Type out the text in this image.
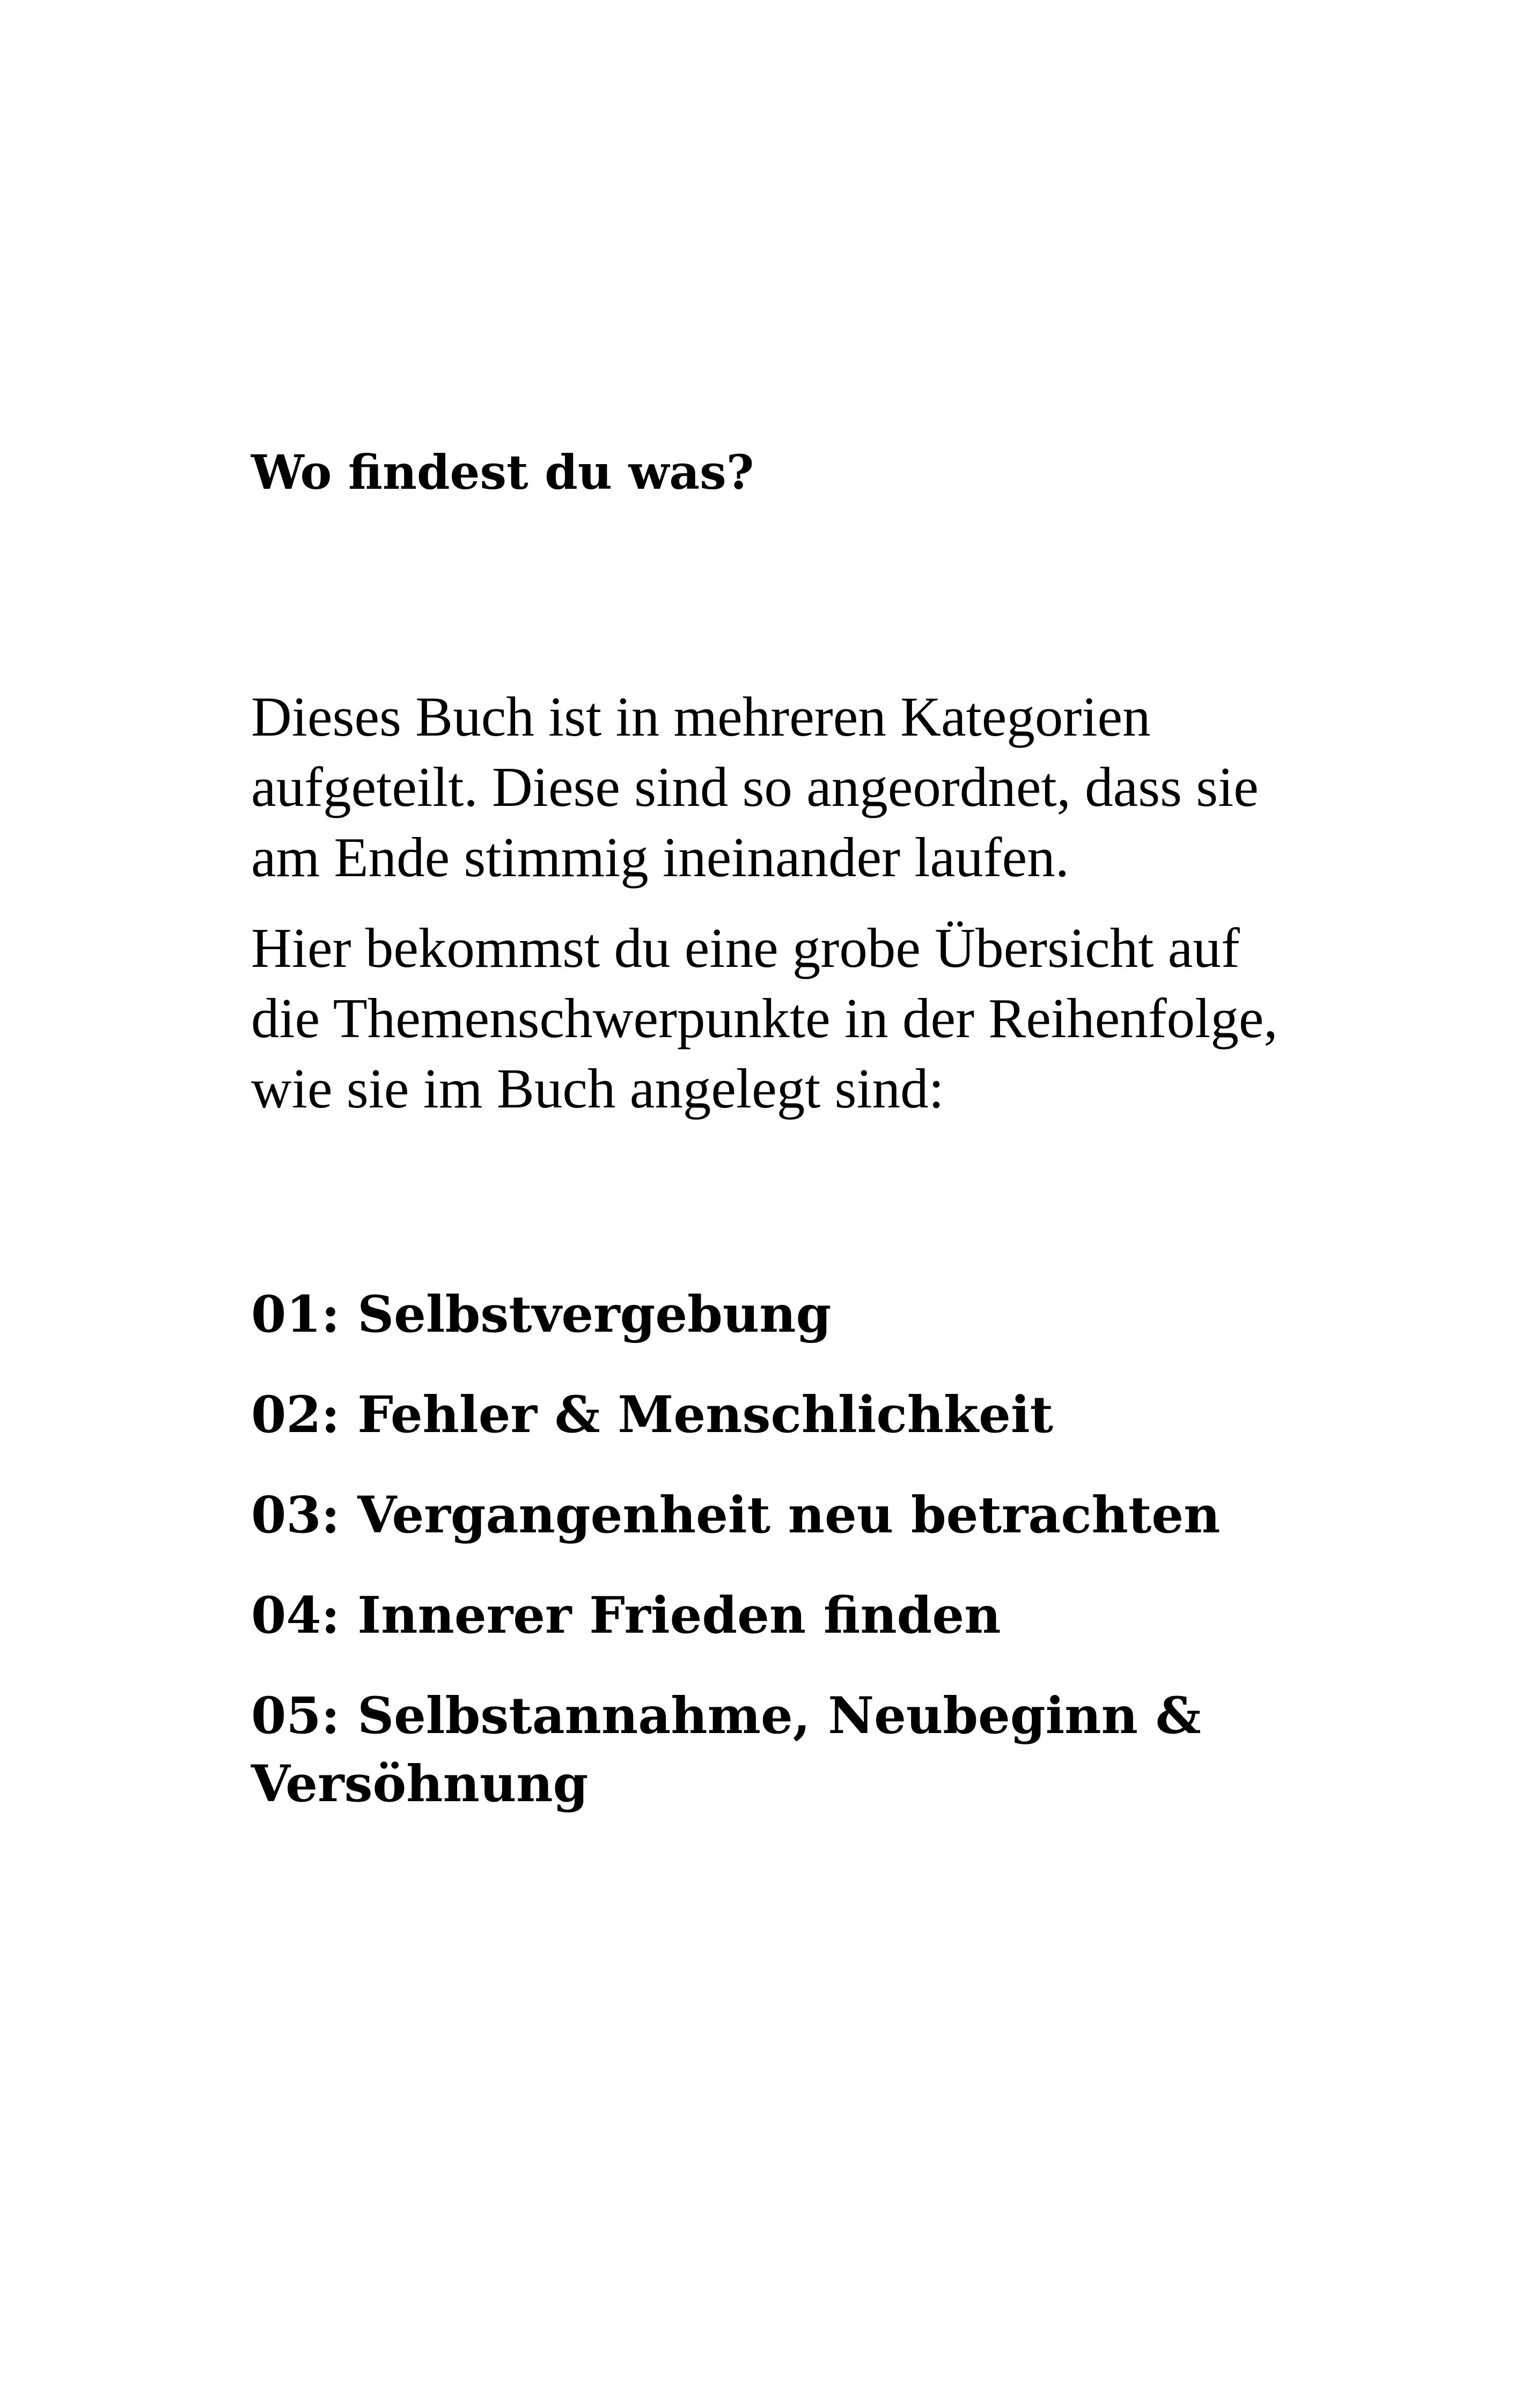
Wo findest du was?

Dieses Buch ist in mehreren Kategorien aufgeteilt. Diese sind so angeordnet, dass sie am Ende stimmig ineinander laufen.

Hier bekommst du eine grobe Übersicht auf die Themenschwerpunkte in der Reihenfolge, wie sie im Buch angelegt sind:

01: Selbstvergebung
02: Fehler & Menschlichkeit
03: Vergangenheit neu betrachten
04: Innerer Frieden finden
05: Selbstannahme, Neubeginn & Versöhnung
